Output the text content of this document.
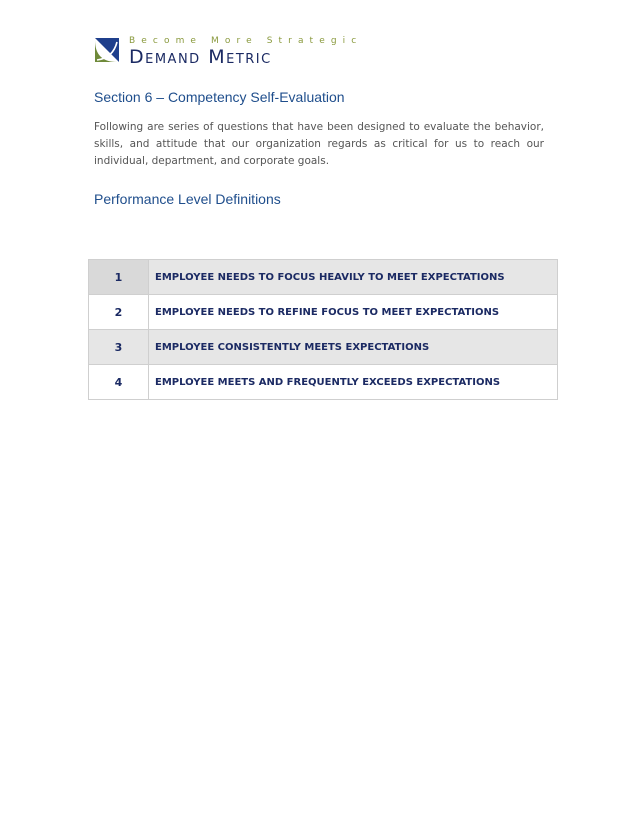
Become More Strategic
Demand Metric
Section 6 – Competency Self-Evaluation

Following are series of questions that have been designed to evaluate the behavior, skills, and attitude that our organization regards as critical for us to reach our individual, department, and corporate goals.

Performance Level Definitions
1	EMPLOYEE NEEDS TO FOCUS HEAVILY TO MEET EXPECTATIONS
2	EMPLOYEE NEEDS TO REFINE FOCUS TO MEET EXPECTATIONS
3	EMPLOYEE CONSISTENTLY MEETS EXPECTATIONS
4	EMPLOYEE MEETS AND FREQUENTLY EXCEEDS EXPECTATIONS
